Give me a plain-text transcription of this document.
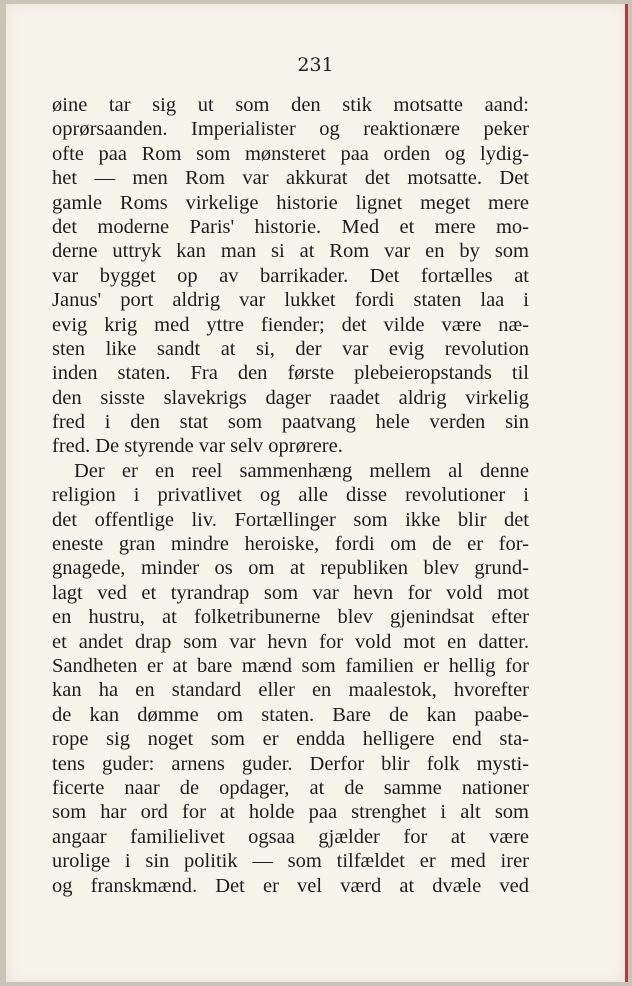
231
øine tar sig ut som den stik motsatte aand:
oprørsaanden. Imperialister og reaktionære peker
ofte paa Rom som mønsteret paa orden og lydig-
het — men Rom var akkurat det motsatte. Det
gamle Roms virkelige historie lignet meget mere
det moderne Paris' historie. Med et mere mo-
derne uttryk kan man si at Rom var en by som
var bygget op av barrikader. Det fortælles at
Janus' port aldrig var lukket fordi staten laa i
evig krig med yttre fiender; det vilde være næ-
sten like sandt at si, der var evig revolution
inden staten. Fra den første plebeieropstands til
den sisste slavekrigs dager raadet aldrig virkelig
fred i den stat som paatvang hele verden sin
fred. De styrende var selv oprørere.
Der er en reel sammenhæng mellem al denne
religion i privatlivet og alle disse revolutioner i
det offentlige liv. Fortællinger som ikke blir det
eneste gran mindre heroiske, fordi om de er for-
gnagede, minder os om at republiken blev grund-
lagt ved et tyrandrap som var hevn for vold mot
en hustru, at folketribunerne blev gjenindsat efter
et andet drap som var hevn for vold mot en datter.
Sandheten er at bare mænd som familien er hellig for
kan ha en standard eller en maalestok, hvorefter
de kan dømme om staten. Bare de kan paabe-
rope sig noget som er endda helligere end sta-
tens guder: arnens guder. Derfor blir folk mysti-
ficerte naar de opdager, at de samme nationer
som har ord for at holde paa strenghet i alt som
angaar familielivet ogsaa gjælder for at være
urolige i sin politik — som tilfældet er med irer
og franskmænd. Det er vel værd at dvæle ved
